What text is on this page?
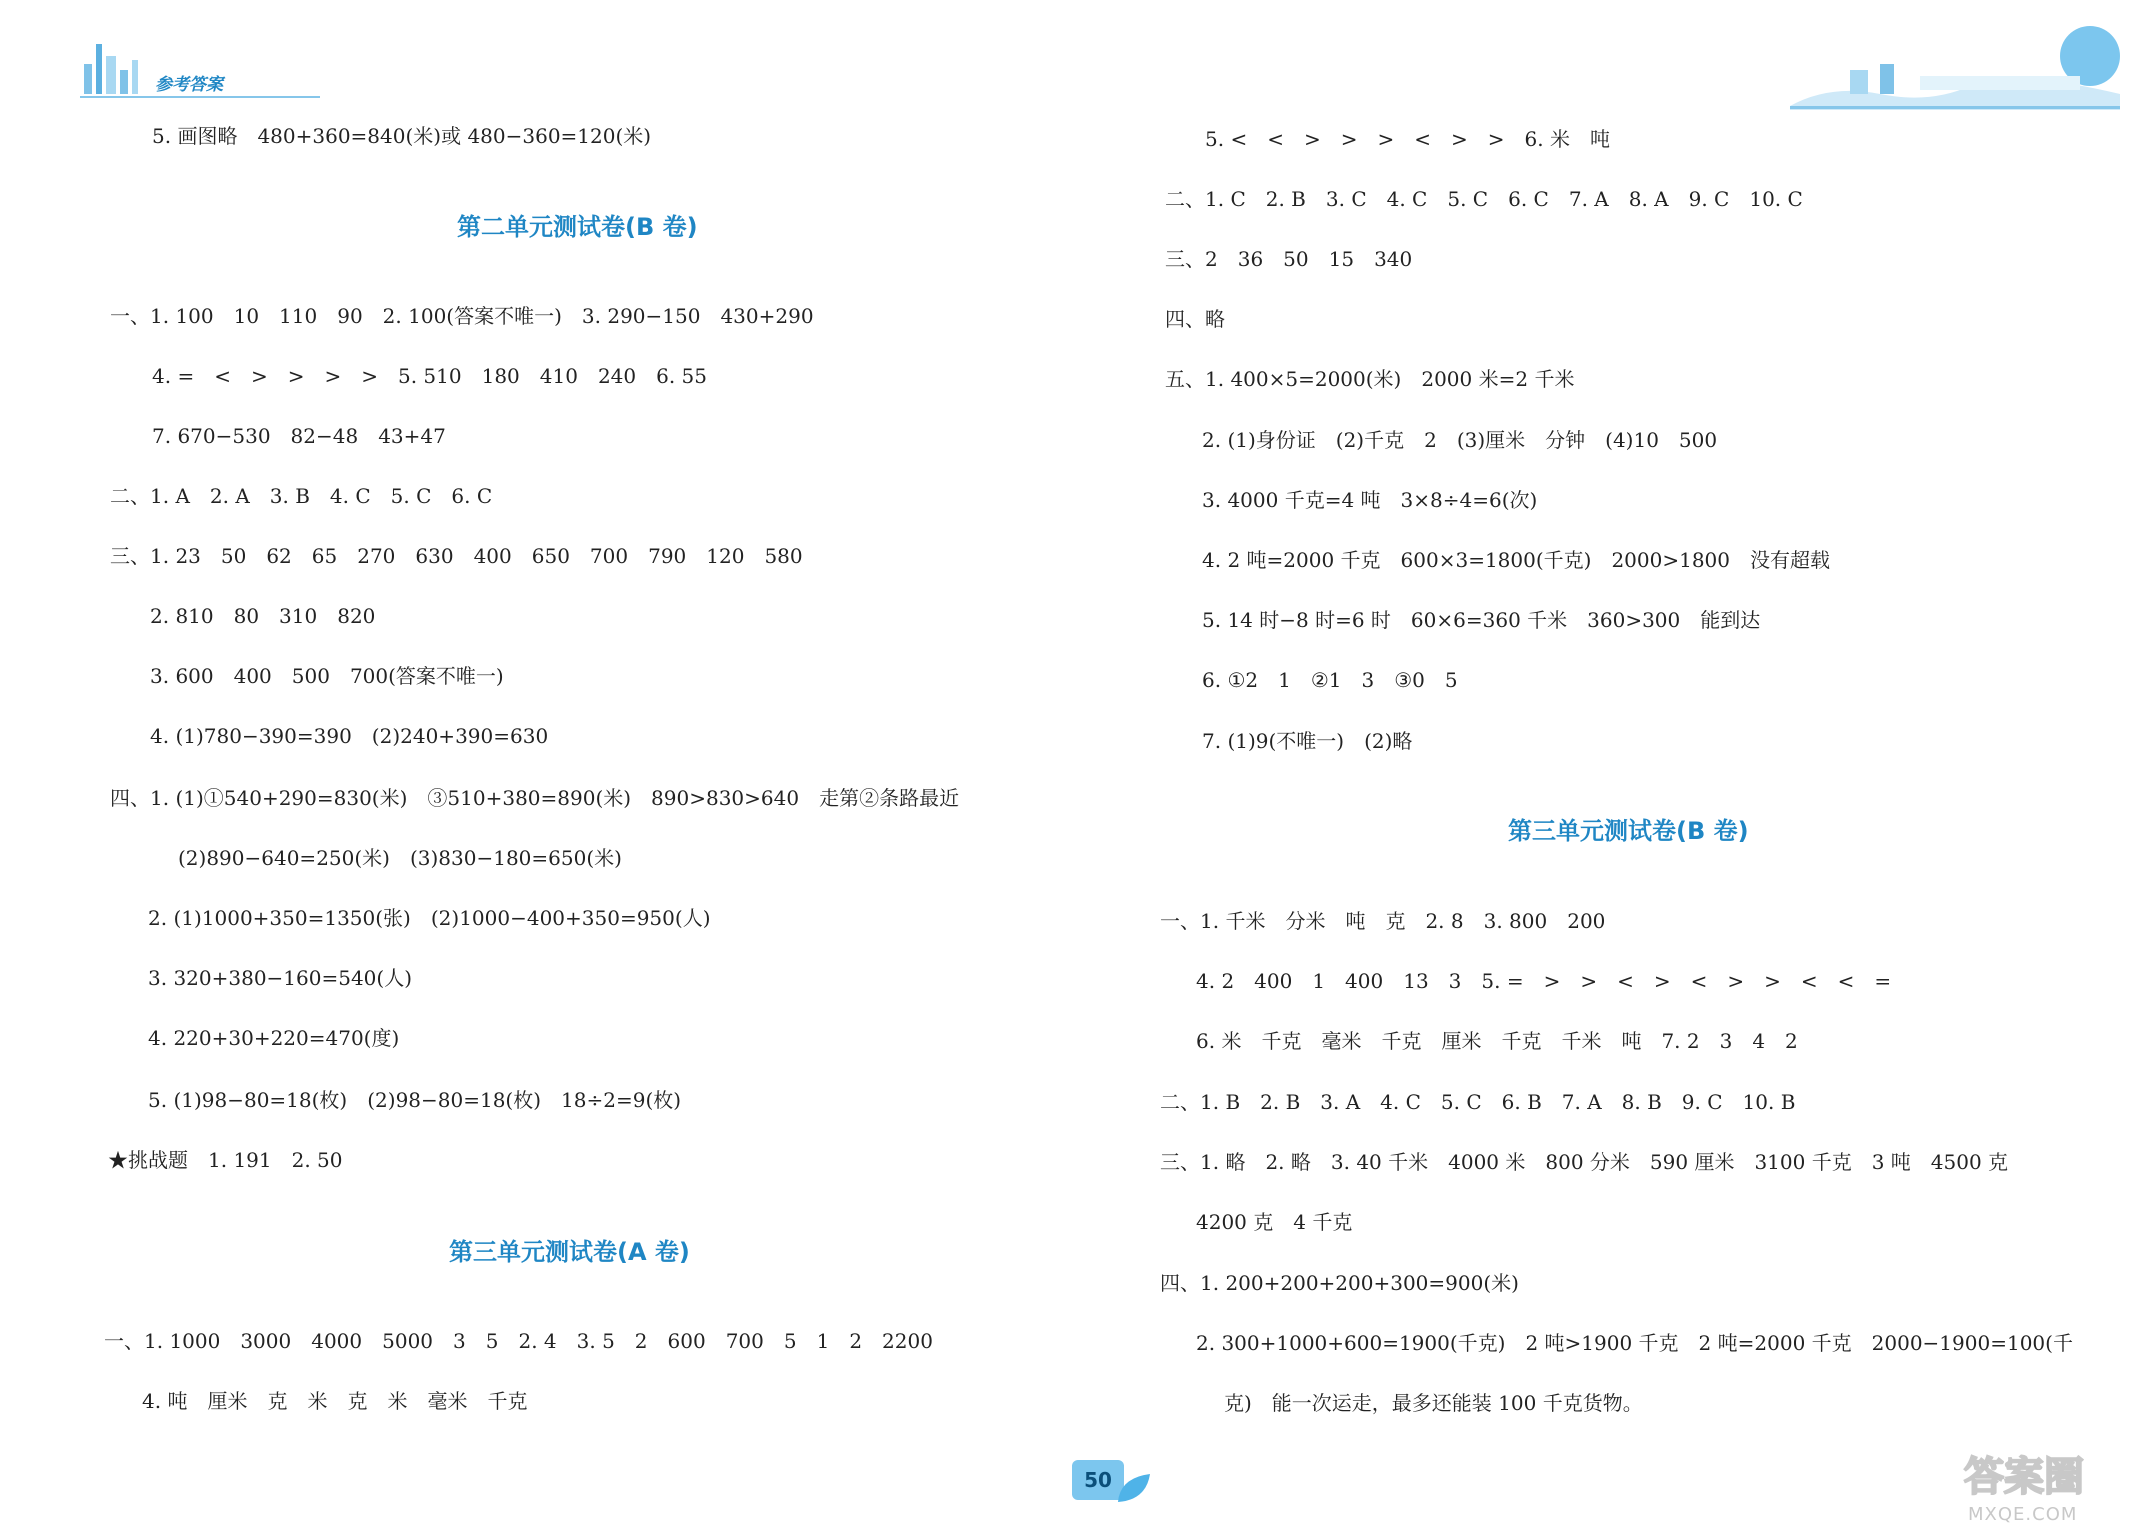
参考答案
5. 画图略　480+360=840(米)或 480−360=120(米)
第二单元测试卷(B 卷)
一、1. 100　10　110　90　2. 100(答案不唯一)　3. 290−150　430+290
4. =　<　>　>　>　>　5. 510　180　410　240　6. 55
7. 670−530　82−48　43+47
二、1. A　2. A　3. B　4. C　5. C　6. C
三、1. 23　50　62　65　270　630　400　650　700　790　120　580
2. 810　80　310　820
3. 600　400　500　700(答案不唯一)
4. (1)780−390=390　(2)240+390=630
四、1. (1)①540+290=830(米)　③510+380=890(米)　890>830>640　走第②条路最近
(2)890−640=250(米)　(3)830−180=650(米)
2. (1)1000+350=1350(张)　(2)1000−400+350=950(人)
3. 320+380−160=540(人)
4. 220+30+220=470(度)
5. (1)98−80=18(枚)　(2)98−80=18(枚)　18÷2=9(枚)
★挑战题　1. 191　2. 50
第三单元测试卷(A 卷)
一、1. 1000　3000　4000　5000　3　5　2. 4　3. 5　2　600　700　5　1　2　2200
4. 吨　厘米　克　米　克　米　毫米　千克
5. <　<　>　>　>　<　>　>　6. 米　吨
二、1. C　2. B　3. C　4. C　5. C　6. C　7. A　8. A　9. C　10. C
三、2　36　50　15　340
四、略
五、1. 400×5=2000(米)　2000 米=2 千米
2. (1)身份证　(2)千克　2　(3)厘米　分钟　(4)10　500
3. 4000 千克=4 吨　3×8÷4=6(次)
4. 2 吨=2000 千克　600×3=1800(千克)　2000>1800　没有超载
5. 14 时−8 时=6 时　60×6=360 千米　360>300　能到达
6. ①2　1　②1　3　③0　5
7. (1)9(不唯一)　(2)略
第三单元测试卷(B 卷)
一、1. 千米　分米　吨　克　2. 8　3. 800　200
4. 2　400　1　400　13　3　5. =　>　>　<　>　<　>　>　<　<　=
6. 米　千克　毫米　千克　厘米　千克　千米　吨　7. 2　3　4　2
二、1. B　2. B　3. A　4. C　5. C　6. B　7. A　8. B　9. C　10. B
三、1. 略　2. 略　3. 40 千米　4000 米　800 分米　590 厘米　3100 千克　3 吨　4500 克
4200 克　4 千克
四、1. 200+200+200+300=900(米)
2. 300+1000+600=1900(千克)　2 吨>1900 千克　2 吨=2000 千克　2000−1900=100(千
克)　能一次运走，最多还能装 100 千克货物。
50	答案圈
MXQE.COM
